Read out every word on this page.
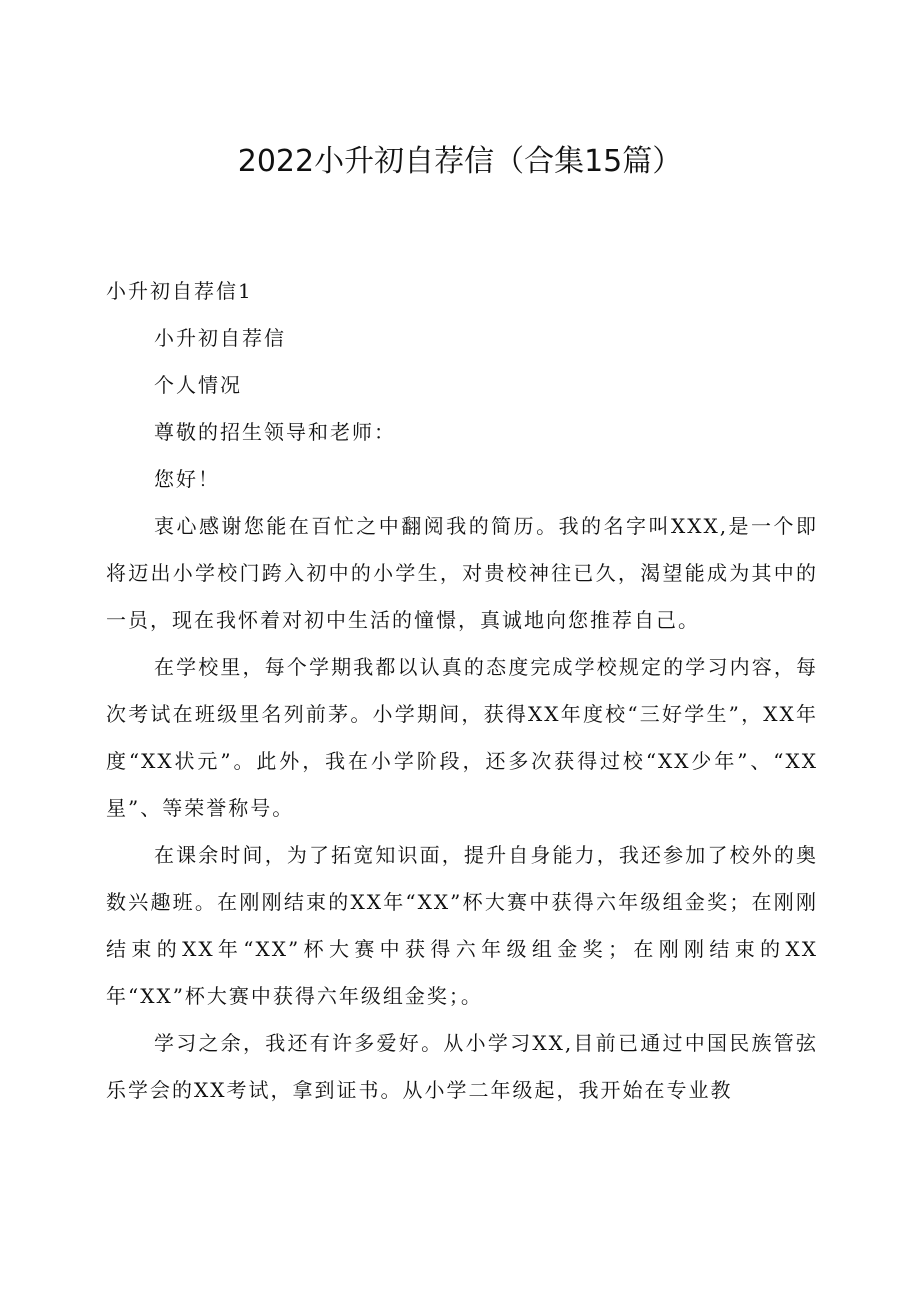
2022小升初自荐信（合集15篇）

小升初自荐信1

小升初自荐信

个人情况

尊敬的招生领导和老师：

您好！

衷心感谢您能在百忙之中翻阅我的简历。我的名字叫XXX,是一个即将迈出小学校门跨入初中的小学生，对贵校神往已久，渴望能成为其中的一员，现在我怀着对初中生活的憧憬，真诚地向您推荐自己。

在学校里，每个学期我都以认真的态度完成学校规定的学习内容，每次考试在班级里名列前茅。小学期间，获得XX年度校“三好学生”，XX年度“XX状元”。此外，我在小学阶段，还多次获得过校“XX少年”、“XX星”、等荣誉称号。

在课余时间，为了拓宽知识面，提升自身能力，我还参加了校外的奥数兴趣班。在刚刚结束的XX年“XX”杯大赛中获得六年级组金奖；在刚刚结束的XX年“XX”杯大赛中获得六年级组金奖；在刚刚结束的XX年“XX”杯大赛中获得六年级组金奖；。

学习之余，我还有许多爱好。从小学习XX,目前已通过中国民族管弦乐学会的XX考试，拿到证书。从小学二年级起，我开始在专业教
